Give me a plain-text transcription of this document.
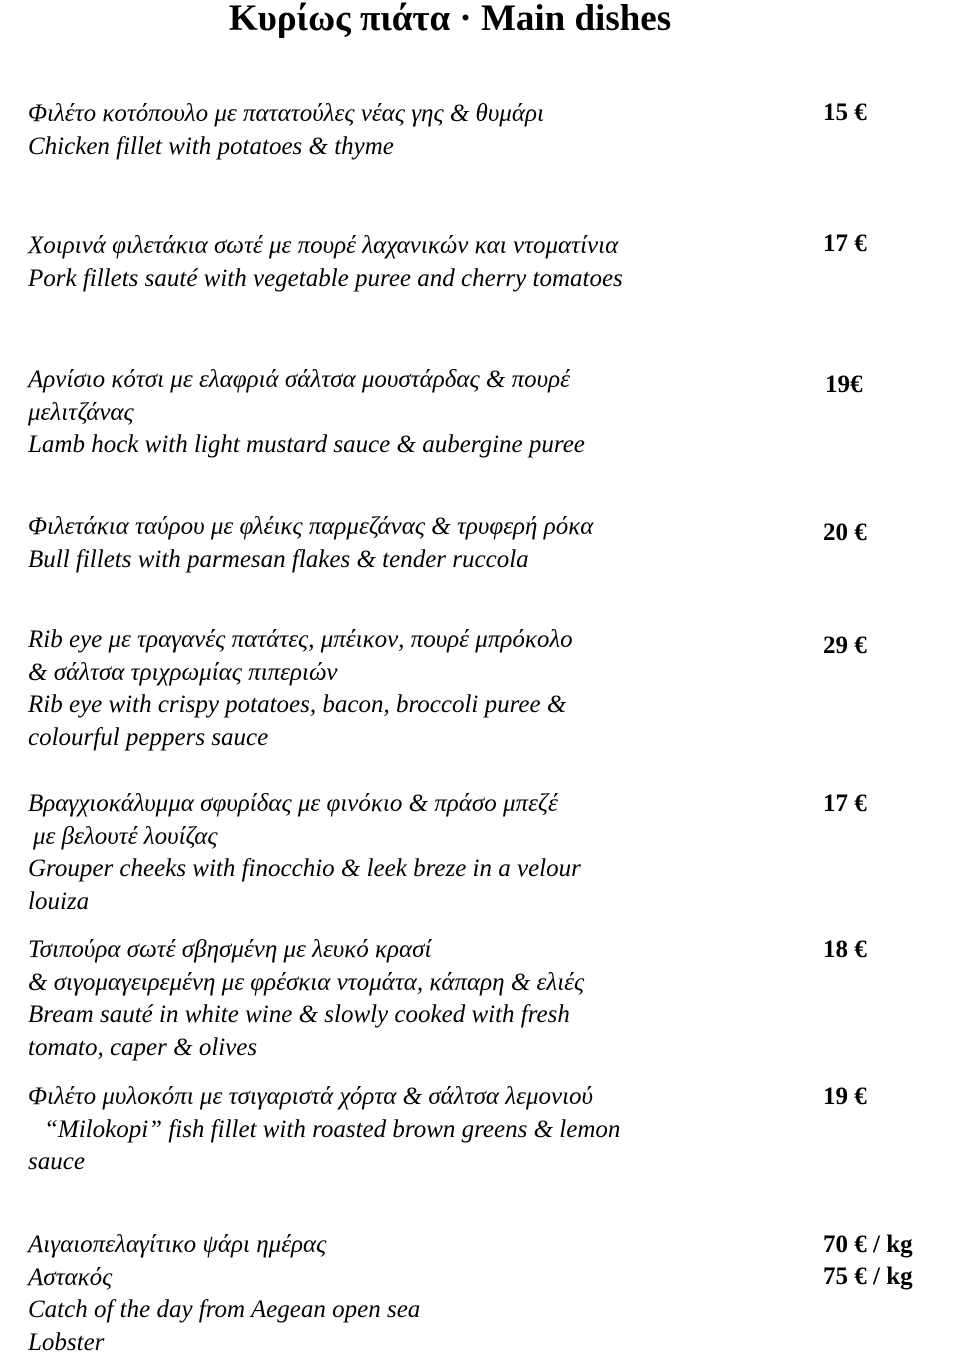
Κυρίως πιάτα · Main dishes
Φιλέτο κοτόπουλο με πατατούλες νέας γης & θυμάρι
Chicken fillet with potatoes & thyme
15 €
Χοιρινά φιλετάκια σωτέ με πουρέ λαχανικών και ντοματίνια
Pork fillets sauté with vegetable puree and cherry tomatoes
17 €
Αρνίσιο κότσι με ελαφριά σάλτσα μουστάρδας & πουρέ
μελιτζάνας
Lamb hock with light mustard sauce & aubergine puree
19€
Φιλετάκια ταύρου με φλέικς παρμεζάνας & τρυφερή ρόκα
Bull fillets with parmesan flakes & tender ruccola
20 €
Rib eye με τραγανές πατάτες, μπέικον, πουρέ μπρόκολο
& σάλτσα τριχρωμίας πιπεριών
Rib eye with crispy potatoes, bacon, broccoli puree &
colourful peppers sauce
29 €
Βραγχιοκάλυμμα σφυρίδας με φινόκιο & πράσο μπεζέ
με βελουτέ λουίζας
Grouper cheeks with finocchio & leek breze in a velour
louiza
17 €
Τσιπούρα σωτέ σβησμένη με λευκό κρασί
& σιγομαγειρεμένη με φρέσκια ντομάτα, κάπαρη & ελιές
Bream sauté in white wine & slowly cooked with fresh
tomato, caper & olives
18 €
Φιλέτο μυλοκόπι με τσιγαριστά χόρτα & σάλτσα λεμονιού
“Milokopi” fish fillet with roasted brown greens & lemon
sauce
19 €
Αιγαιοπελαγίτικο ψάρι ημέρας
Αστακός
Catch of the day from Aegean open sea
Lobster
70 € / kg
75 € / kg
